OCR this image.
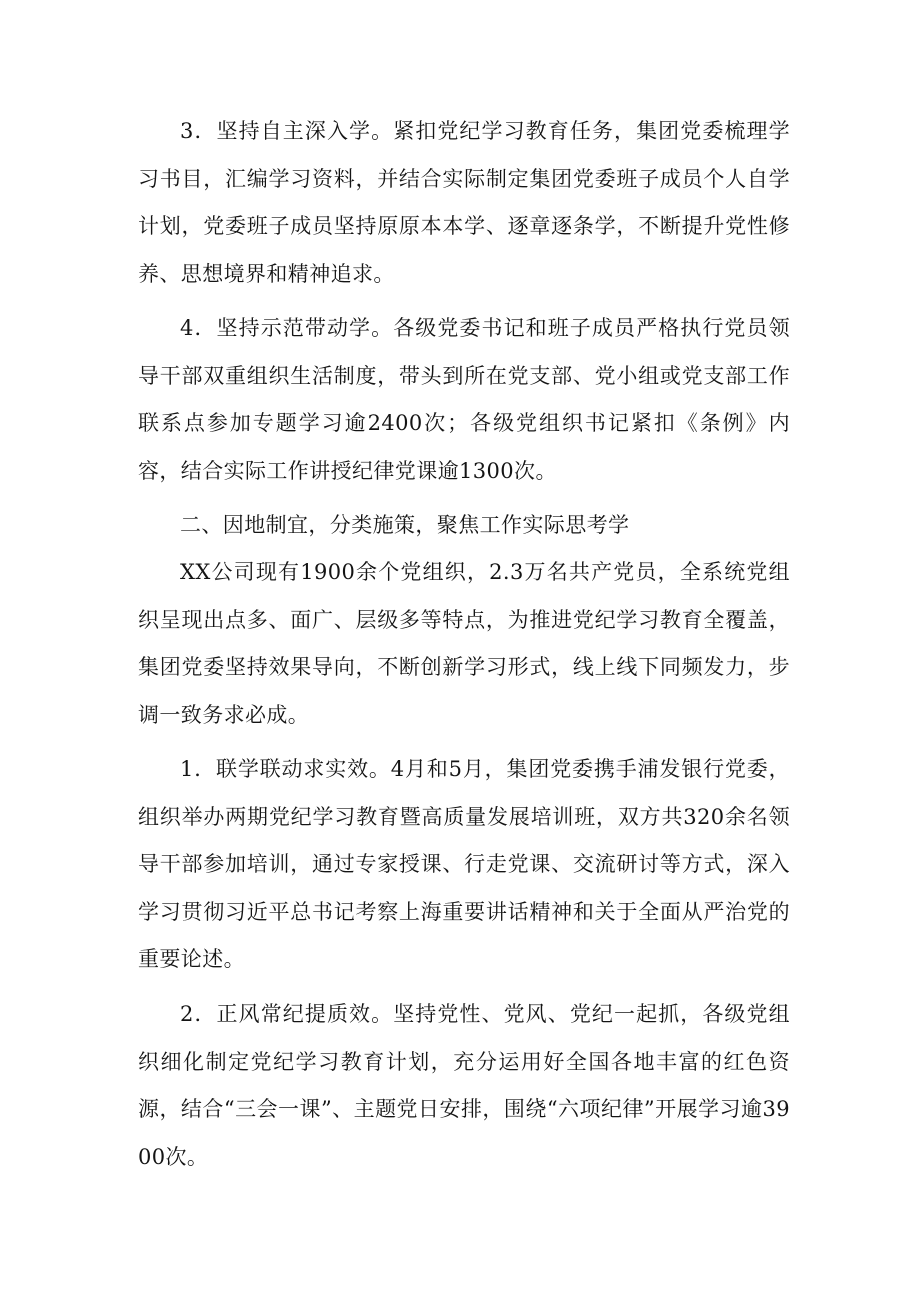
3．坚持自主深入学。紧扣党纪学习教育任务，集团党委梳理学习书目，汇编学习资料，并结合实际制定集团党委班子成员个人自学计划，党委班子成员坚持原原本本学、逐章逐条学，不断提升党性修养、思想境界和精神追求。

4．坚持示范带动学。各级党委书记和班子成员严格执行党员领导干部双重组织生活制度，带头到所在党支部、党小组或党支部工作联系点参加专题学习逾2400次；各级党组织书记紧扣《条例》内容，结合实际工作讲授纪律党课逾1300次。

二、因地制宜，分类施策，聚焦工作实际思考学

XX公司现有1900余个党组织，2.3万名共产党员，全系统党组织呈现出点多、面广、层级多等特点，为推进党纪学习教育全覆盖，集团党委坚持效果导向，不断创新学习形式，线上线下同频发力，步调一致务求必成。

1．联学联动求实效。4月和5月，集团党委携手浦发银行党委，组织举办两期党纪学习教育暨高质量发展培训班，双方共320余名领导干部参加培训，通过专家授课、行走党课、交流研讨等方式，深入学习贯彻习近平总书记考察上海重要讲话精神和关于全面从严治党的重要论述。

2．正风常纪提质效。坚持党性、党风、党纪一起抓，各级党组织细化制定党纪学习教育计划，充分运用好全国各地丰富的红色资源，结合“三会一课”、主题党日安排，围绕“六项纪律”开展学习逾3900次。
